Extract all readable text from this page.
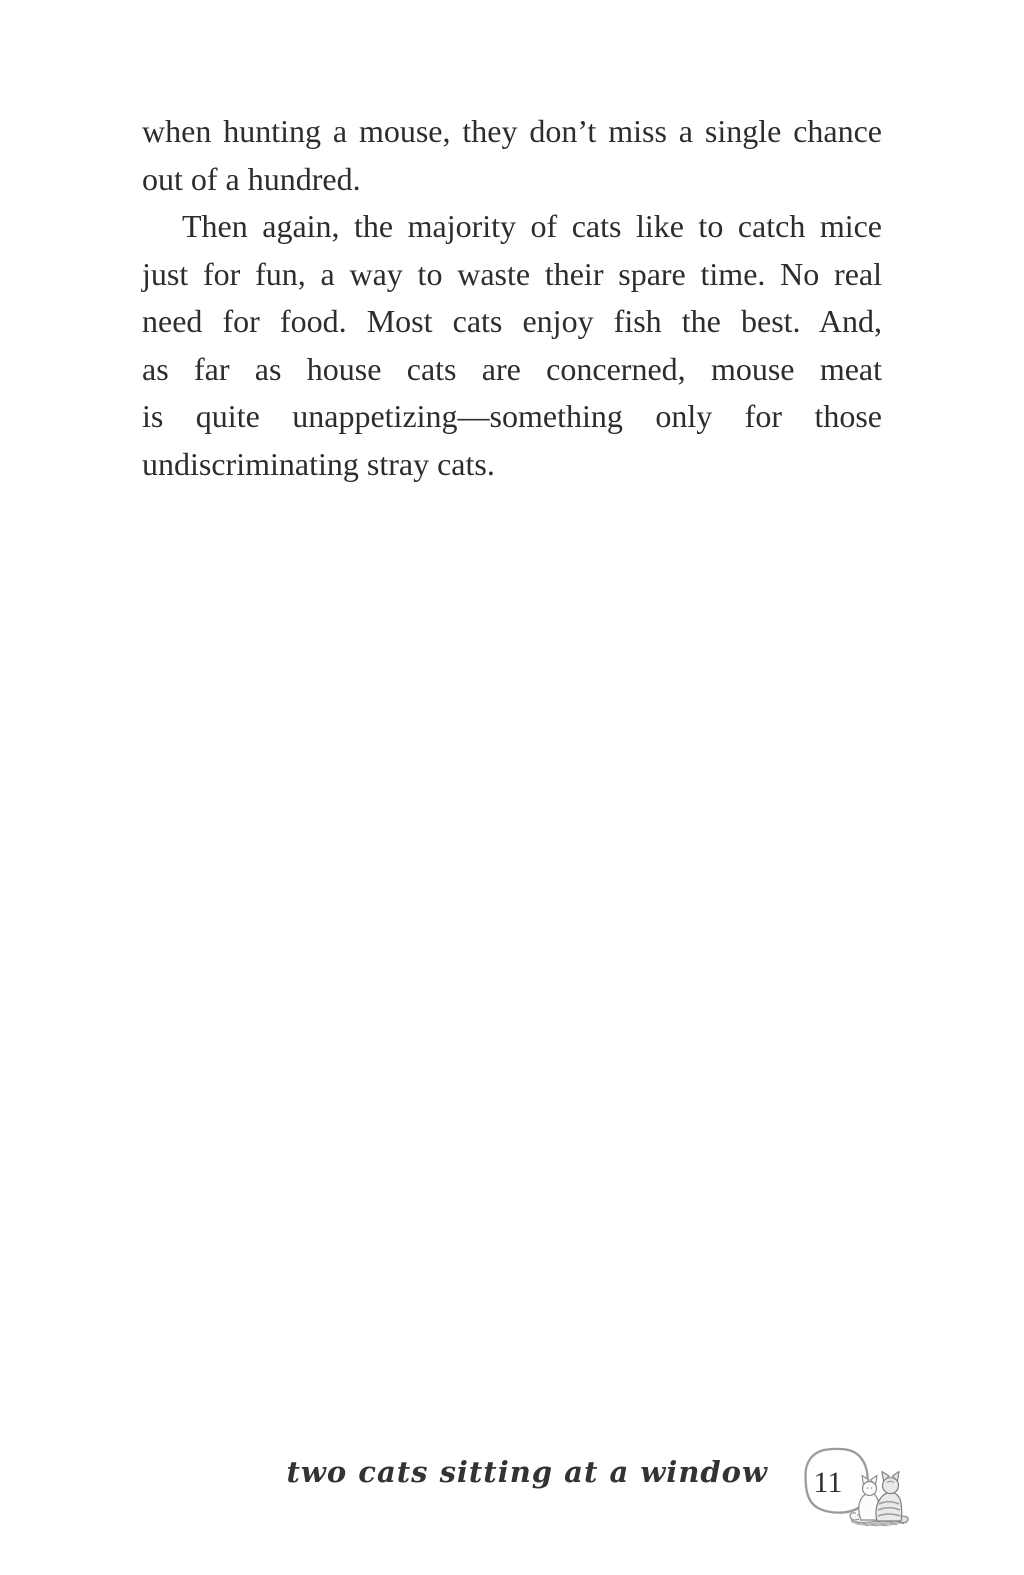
when hunting a mouse, they don’t miss a single chance
out of a hundred.
Then again, the majority of cats like to catch mice
just for fun, a way to waste their spare time. No real
need for food. Most cats enjoy fish the best. And,
as far as house cats are concerned, mouse meat
is quite unappetizing—something only for those
undiscriminating stray cats.
two cats sitting at a window	11
